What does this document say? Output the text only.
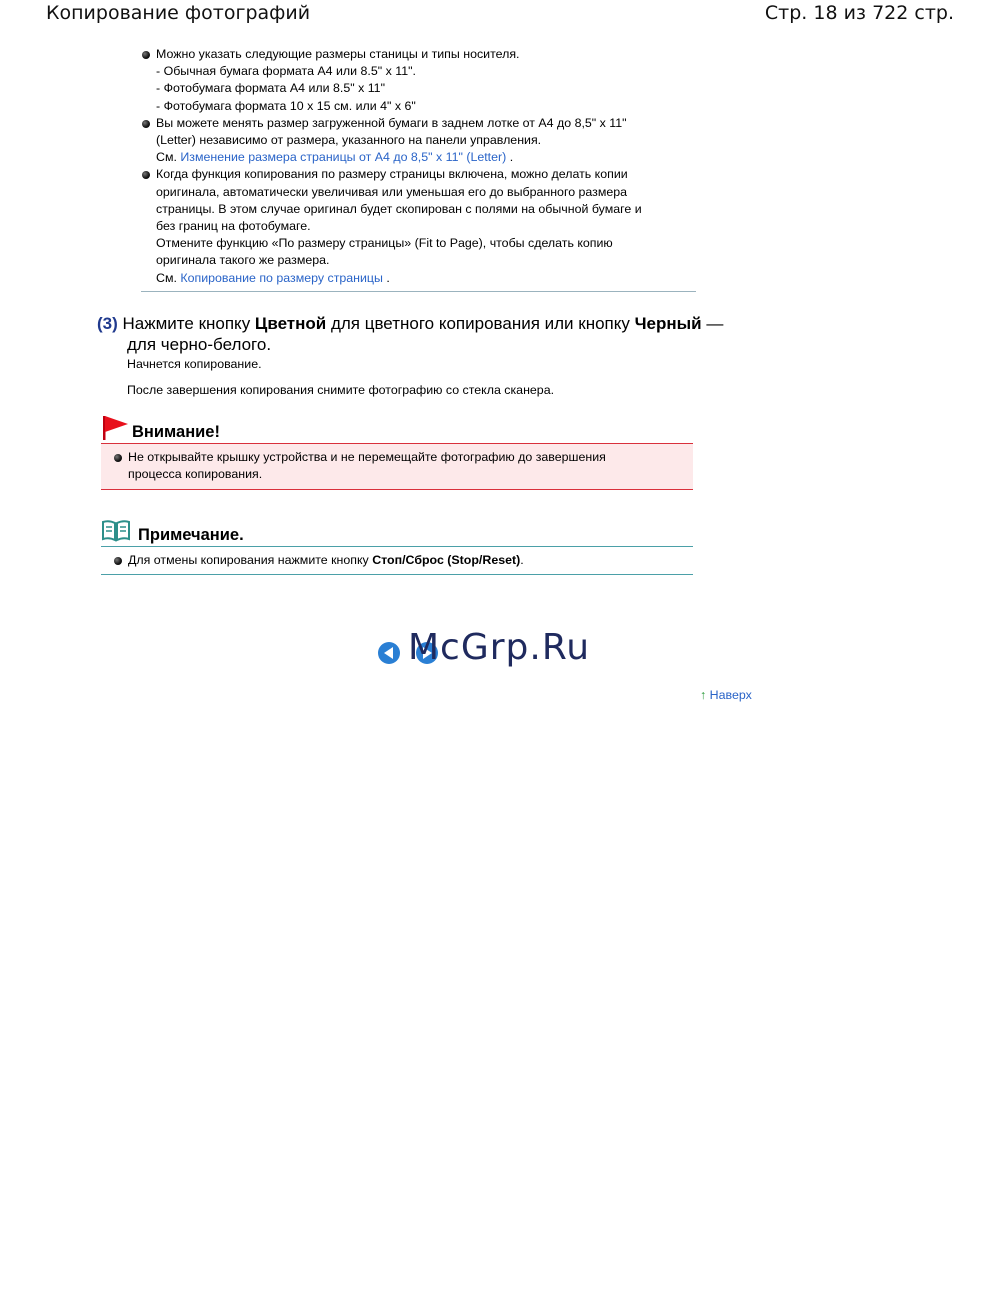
Копирование фотографий	Стр. 18 из 722 стр.
Можно указать следующие размеры станицы и типы носителя.
- Обычная бумага формата А4 или 8.5" x 11".
- Фотобумага формата А4 или 8.5" x 11"
- Фотобумага формата 10 x 15 см. или 4" x 6"
Вы можете менять размер загруженной бумаги в заднем лотке от А4 до 8,5" x 11"
(Letter) независимо от размера, указанного на панели управления.
См. Изменение размера страницы от А4 до 8,5" x 11" (Letter) .
Когда функция копирования по размеру страницы включена, можно делать копии
оригинала, автоматически увеличивая или уменьшая его до выбранного размера
страницы. В этом случае оригинал будет скопирован с полями на обычной бумаге и
без границ на фотобумаге.
Отмените функцию «По размеру страницы» (Fit to Page), чтобы сделать копию
оригинала такого же размера.
См. Копирование по размеру страницы .
(3) Нажмите кнопку Цветной для цветного копирования или кнопку Черный —
для черно-белого.
Начнется копирование.
После завершения копирования снимите фотографию со стекла сканера.
Внимание!
Не открывайте крышку устройства и не перемещайте фотографию до завершения
процесса копирования.
Примечание.
Для отмены копирования нажмите кнопку Стоп/Сброс (Stop/Reset).
McGrp.Ru
↑ Наверх
